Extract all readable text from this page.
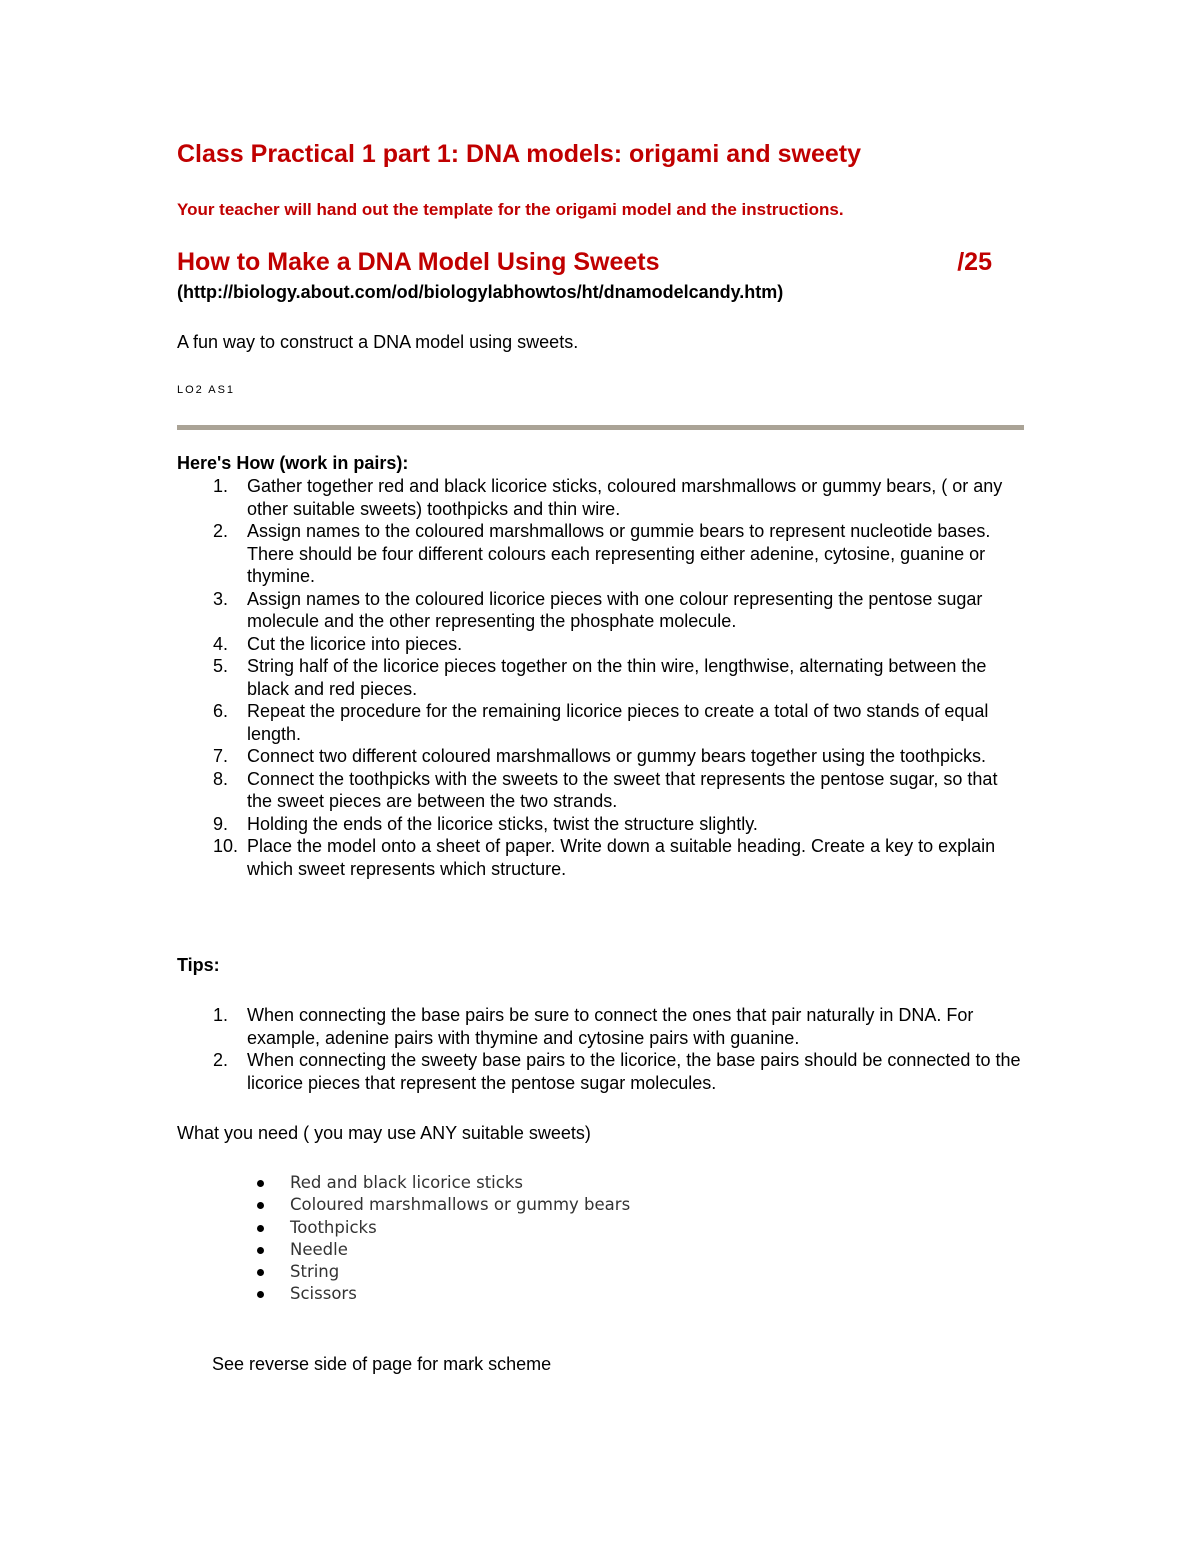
Class Practical 1 part 1: DNA models: origami and sweety

Your teacher will hand out the template for the origami model and the instructions.

How to Make a DNA Model Using Sweets	/25
(http://biology.about.com/od/biologylabhowtos/ht/dnamodelcandy.htm)
A fun way to construct a DNA model using sweets.
LO2 AS1
Here's How (work in pairs):
1. Gather together red and black licorice sticks, coloured marshmallows or gummy bears, ( or any other suitable sweets) toothpicks and thin wire.
2. Assign names to the coloured marshmallows or gummie bears to represent nucleotide bases. There should be four different colours each representing either adenine, cytosine, guanine or thymine.
3. Assign names to the coloured licorice pieces with one colour representing the pentose sugar molecule and the other representing the phosphate molecule.
4. Cut the licorice into pieces.
5. String half of the licorice pieces together on the thin wire, lengthwise, alternating between the black and red pieces.
6. Repeat the procedure for the remaining licorice pieces to create a total of two stands of equal length.
7. Connect two different coloured marshmallows or gummy bears together using the toothpicks.
8. Connect the toothpicks with the sweets to the sweet that represents the pentose sugar, so that the sweet pieces are between the two strands.
9. Holding the ends of the licorice sticks, twist the structure slightly.
10. Place the model onto a sheet of paper. Write down a suitable heading. Create a key to explain which sweet represents which structure.
Tips:
1. When connecting the base pairs be sure to connect the ones that pair naturally in DNA. For example, adenine pairs with thymine and cytosine pairs with guanine.
2. When connecting the sweety base pairs to the licorice, the base pairs should be connected to the licorice pieces that represent the pentose sugar molecules.
What you need ( you may use ANY suitable sweets)
Red and black licorice sticks
Coloured marshmallows or gummy bears
Toothpicks
Needle
String
Scissors
See reverse side of page for mark scheme
